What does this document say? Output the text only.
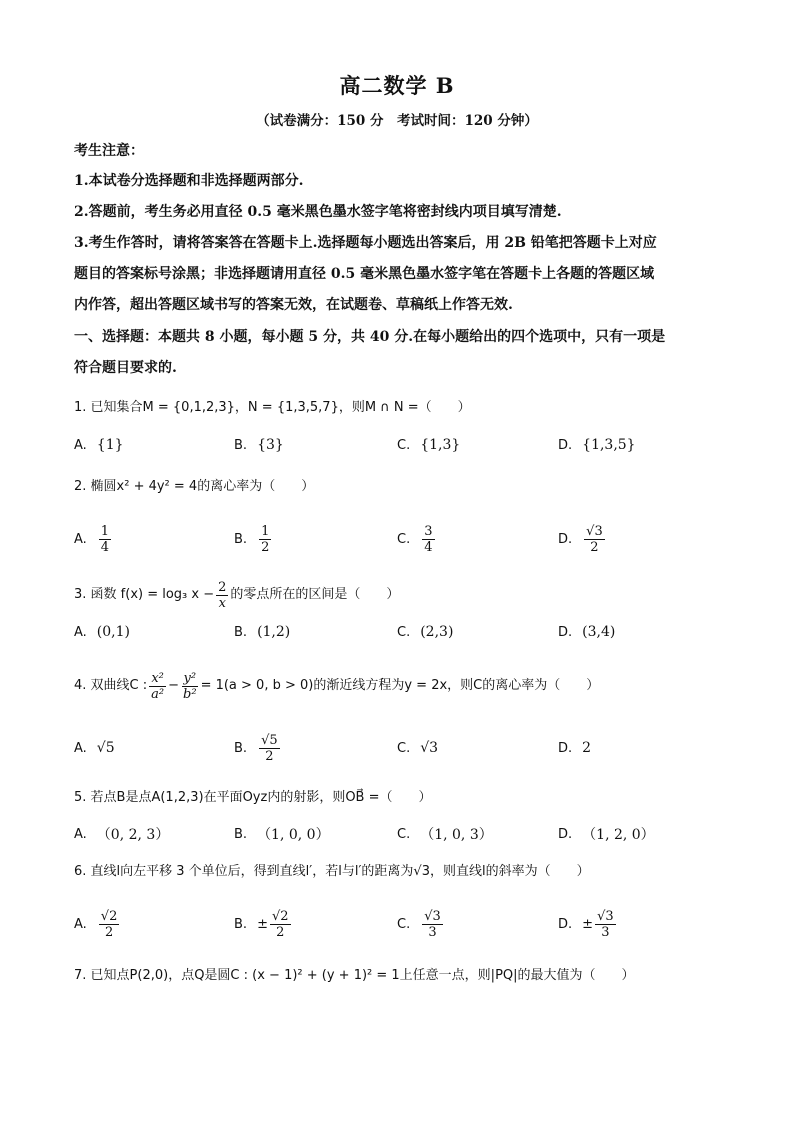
高二数学 B
（试卷满分：150 分　考试时间：120 分钟）
考生注意：
1.本试卷分选择题和非选择题两部分.
2.答题前，考生务必用直径 0.5 毫米黑色墨水签字笔将密封线内项目填写清楚.
3.考生作答时，请将答案答在答题卡上.选择题每小题选出答案后，用 2B 铅笔把答题卡上对应
题目的答案标号涂黑；非选择题请用直径 0.5 毫米黑色墨水签字笔在答题卡上各题的答题区域
内作答，超出答题区域书写的答案无效，在试题卷、草稿纸上作答无效.
一、选择题：本题共 8 小题，每小题 5 分，共 40 分.在每小题给出的四个选项中，只有一项是
符合题目要求的.
1. 已知集合M = {0,1,2,3}，N = {1,3,5,7}，则M ∩ N =（　　）
A. {1}	B. {3}	C. {1,3}	D. {1,3,5}
2. 椭圆x² + 4y² = 4的离心率为（　　）
A. $\frac{1}{4}$	B. $\frac{1}{2}$	C. $\frac{3}{4}$	D. $\frac{√3}{2}$
3. 函数 f(x) = log₃ $x - \frac{2}{x}$ 的零点所在的区间是（　　）
A. (0,1)	B. (1,2)	C. (2,3)	D. (3,4)
4. 双曲线C : $\frac{\text{x²}}{\text{a²}} - \frac{\text{y²}}{\text{b²}} = 1(a > 0$, b > 0)的渐近线方程为y = 2x，则C的离心率为（　　）
A. √5	B. $\frac{√5}{2}$	C. √3	D. 2
5. 若点B是点A(1,2,3)在平面Oyz内的射影，则OB⃗ =（　　）
A. （0, 2, 3）	B. （1, 0, 0）	C. （1, 0, 3）	D. （1, 2, 0）
6. 直线l向左平移 3 个单位后，得到直线l′，若l与l′的距离为√3，则直线l的斜率为（　　）
A. $\frac{√2}{2}$	B. ± $\frac{√2}{2}$	C. $\frac{√3}{3}$	D. ± $\frac{√3}{3}$
7. 已知点P(2,0)，点Q是圆C : (x − 1)² + (y + 1)² = 1上任意一点，则|PQ|的最大值为（　　）
